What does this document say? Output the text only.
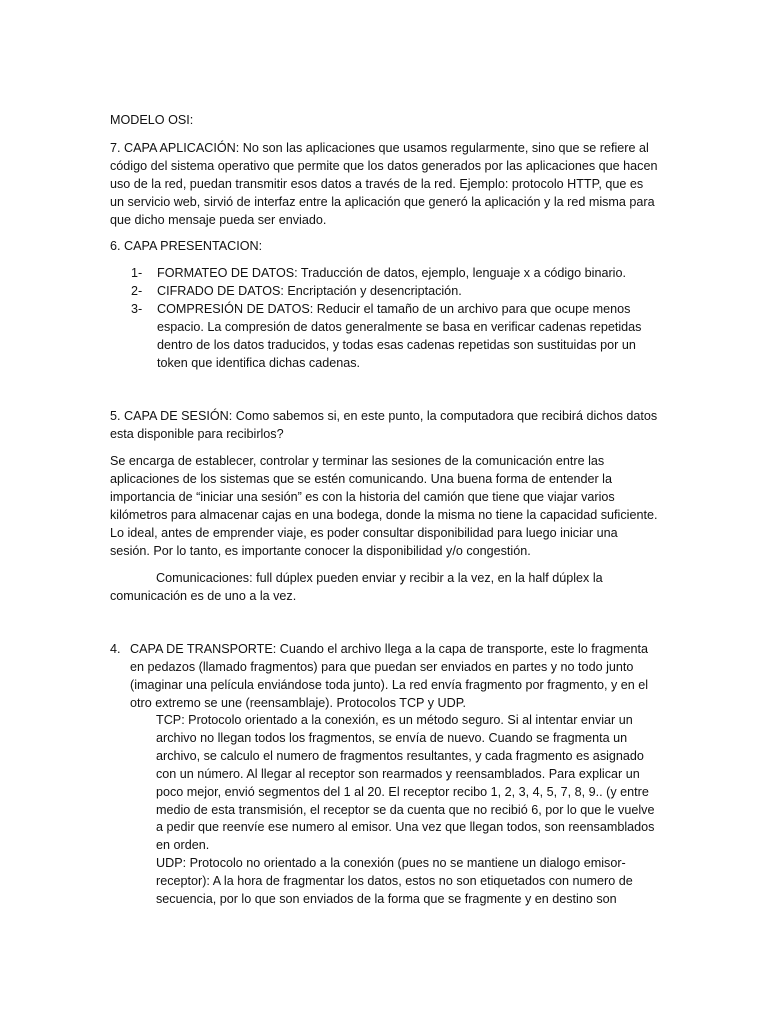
MODELO OSI:

7. CAPA APLICACIÓN: No son las aplicaciones que usamos regularmente, sino que se refiere al código del sistema operativo que permite que los datos generados por las aplicaciones que hacen uso de la red, puedan transmitir esos datos a través de la red. Ejemplo: protocolo HTTP, que es un servicio web, sirvió de interfaz entre la aplicación que generó la aplicación y la red misma para que dicho mensaje pueda ser enviado.

6. CAPA PRESENTACION:

1- FORMATEO DE DATOS: Traducción de datos, ejemplo, lenguaje x a código binario.
2- CIFRADO DE DATOS: Encriptación y desencriptación.
3- COMPRESIÓN DE DATOS: Reducir el tamaño de un archivo para que ocupe menos espacio. La compresión de datos generalmente se basa en verificar cadenas repetidas dentro de los datos traducidos, y todas esas cadenas repetidas son sustituidas por un token que identifica dichas cadenas.

5. CAPA DE SESIÓN: Como sabemos si, en este punto, la computadora que recibirá dichos datos esta disponible para recibirlos?

Se encarga de establecer, controlar y terminar las sesiones de la comunicación entre las aplicaciones de los sistemas que se estén comunicando. Una buena forma de entender la importancia de “iniciar una sesión” es con la historia del camión que tiene que viajar varios kilómetros para almacenar cajas en una bodega, donde la misma no tiene la capacidad suficiente. Lo ideal, antes de emprender viaje, es poder consultar disponibilidad para luego iniciar una sesión. Por lo tanto, es importante conocer la disponibilidad y/o congestión.

Comunicaciones: full dúplex pueden enviar y recibir a la vez, en la half dúplex la comunicación es de uno a la vez.

4. CAPA DE TRANSPORTE: Cuando el archivo llega a la capa de transporte, este lo fragmenta en pedazos (llamado fragmentos) para que puedan ser enviados en partes y no todo junto (imaginar una película enviándose toda junto). La red envía fragmento por fragmento, y en el otro extremo se une (reensamblaje). Protocolos TCP y UDP.

TCP: Protocolo orientado a la conexión, es un método seguro. Si al intentar enviar un archivo no llegan todos los fragmentos, se envía de nuevo. Cuando se fragmenta un archivo, se calculo el numero de fragmentos resultantes, y cada fragmento es asignado con un número. Al llegar al receptor son rearmados y reensamblados. Para explicar un poco mejor, envió segmentos del 1 al 20. El receptor recibo 1, 2, 3, 4, 5, 7, 8, 9.. (y entre medio de esta transmisión, el receptor se da cuenta que no recibió 6, por lo que le vuelve a pedir que reenvíe ese numero al emisor. Una vez que llegan todos, son reensamblados en orden.

UDP: Protocolo no orientado a la conexión (pues no se mantiene un dialogo emisor-receptor): A la hora de fragmentar los datos, estos no son etiquetados con numero de secuencia, por lo que son enviados de la forma que se fragmente y en destino son
